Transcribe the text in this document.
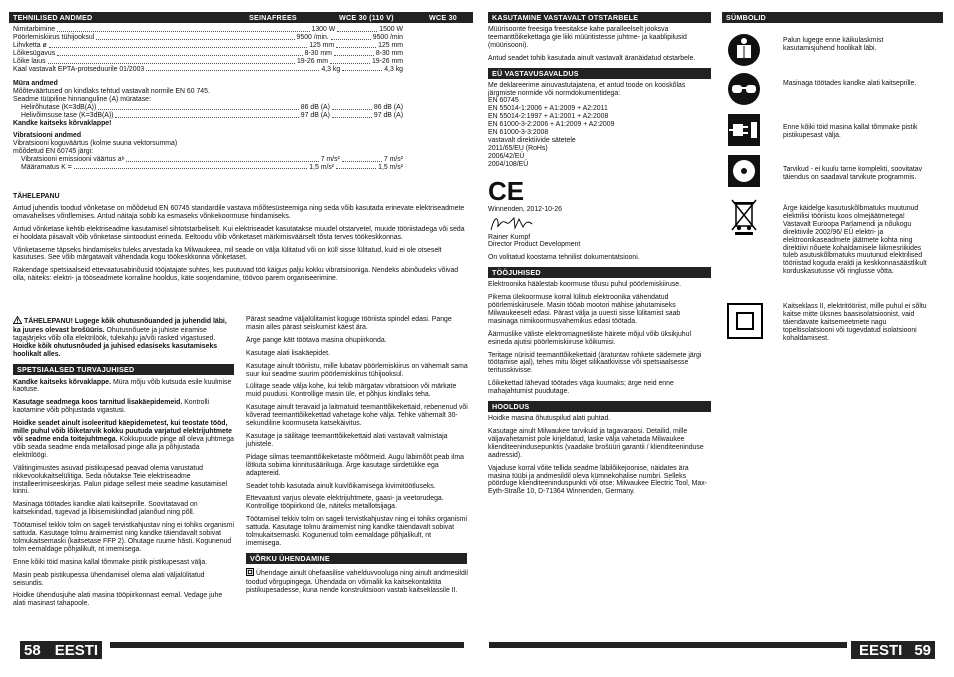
TEHNILISED ANDMED	SEINAFREES	WCE 30 (110 V)	WCE 30
Nimitarbimine	1300 W	1500 W
Pöörlemiskiirus tühijooksul	9500 /min.	9500 /min
Lihvketta ø	125 mm	125 mm
Lõikesügavus	8-30 mm	8-30 mm
Lõike laius	19-26 mm	19-26 mm
Kaal vastavalt EPTA-protseduurile 01/2003	4,3 kg	4,3 kg
Müra andmed
Mõõteväärtused on kindlaks tehtud vastavalt normile EN 60 745.
Seadme tüüpiline hinnanguline (A) müratase:
Helirõhutase (K=3dB(A))	86 dB (A)	86 dB (A)
Helivõimsuse tase (K=3dB(A))	97 dB (A)	97 dB (A)
Kandke kaitseks kõrvaklappe!
Vibratsiooni andmed
Vibratsiooni koguväärtus (kolme suuna vektorsumma)
mõõdetud EN 60745 järgi:
Vibratsiooni emissiooni väärtus a h	7 m/s²	7 m/s²
Määramatus K =	1,5 m/s²	1,5 m/s²
TÄHELEPANU

Antud juhendis toodud võnketase on mõõdetud EN 60745 standardile vastava mõõtesüsteemiga ning seda võib kasutada erinevate elektriseadmete omavahelises võrdlemises. Antud näitaja sobib ka esmaseks võnkekoormuse hindamiseks.

Antud võnketase kehtib elektriseadme kasutamisel sihtotstarbeliselt. Kui elektriseadet kasutatakse muudel otstarvetel, muude tööriistadega või seda ei hooldata piisavalt võib võnketase siintoodust erineda. Eeltoodu võib võnketaset märkimisväärselt tõsta terves töökeskkonnas.

Võnketaseme täpseks hindamiseks tuleks arvestada ka Milwaukeea, mil seade on välja lülitatud või on küll sisse lülitatud, kuid ei ole otseselt kasutuses. See võib märgatavalt vähendada kogu töökeskkonna võnketaset.

Rakendage spetsiaalseid ettevaatusabinõusid tööjatajate suhtes, kes puutuvad töö käigus palju kokku vibratsiooniga. Nendeks abinõudeks võivad olla, näiteks: elektri- ja tööseadmete korraline hooldus, käte soojendamine, töövoo parem organiseerimine.

TÄHELEPANU! Lugege kõik ohutusnõuanded ja juhendid läbi, ka juures olevast brošüüris. Ohutusnõuete ja juhiste eiramise tagajärjeks võib olla elektrilöök, tulekahju ja/või rasked vigastused. Hoidke kõik ohutusnõuded ja juhised edasiseks kasutamiseks hoolikalt alles.

SPETSIAALSED TURVAJUHISED

Kandke kaitseks kõrvaklappe. Müra mõju võib kutsuda esile kuulmise kaotuse.

Kasutage seadmega koos tarnitud lisakäepidemeid. Kontrolli kaotamine võib põhjustada vigastusi.

Hoidke seadet ainult isoleeritud käepidemetest, kui teostate tööd, mille puhul võib lõiketarvik kokku puutuda varjatud elektrijuhtmete või seadme enda toitejuhtmega. Kokkupuude pinge all oleva juhtmega võib seada seadme enda metallosad pinge alla ja põhjustada elektrilöögi.

Välitingimustes asuvad pistikupesad peavad olema varustatud rikkevoolukaitselülitiga. Seda nõutakse Teie elektriseadme installeerimiseeskirjas. Palun pidage sellest meie seadme kasutamisel kinni.

Masinaga töötades kandke alati kaitseprille. Soovitatavad on kaitsekindad, tugevad ja libisemiskindlad jalanõud ning põll.

Töötamisel tekkiv tolm on sageli tervistkahjustav ning ei tohiks organismi sattuda. Kasutage tolmu äraimemist ning kandke täiendavalt sobivat tolmukaitsemaski (kaitsetase FFP 2). Ohutage ruume hästi. Kogunenud tolm eemaldage põhjalikult, nt imemisega.

Enne kõiki töid masina kallal tõmmake pistik pistikupesast välja.

Masin peab pistikupessa ühendamisel olema alati väljalülitatud seisundis.

Hoidke ühendusjuhe alati masina tööpiirkonnast eemal. Vedage juhe alati masinast tahapoole.

Pärast seadme väljalülitamist koguge tööriista spindel edasi. Pange masin alles pärast seiskumist käest ära.

Ärge pange kätt töötava masina ohupiirkonda.

Kasutage alati lisakäepidet.

Kasutage ainult tööriistu, mille lubatav pöörlemiskiirus on vähemalt sama suur kui seadme suurim pöörlemiskiirus tühijooksul.

Lülitage seade välja kohe, kui tekib märgatav vibratsioon või märkate muid puudusi. Kontrollige masin üle, et põhjus kindlaks teha.

Kasutage ainult teravaid ja laitmatuid teemanttõikekettaid, rebenenud või kõverad teemanttõikekettad vahetage kohe välja. Tehke vähemalt 30-sekundiline koormuseta katsekäivitus.

Kasutage ja säilitage teemanttõikekettaid alati vastavalt valmistaja juhistele.

Pidage silmas teemanttõikeketaste mõõtmeid. Augu läbimõõt peab ilma lõtkuta sobima kinnitusäärikuga. Ärge kasutage siirdetükke ega adaptereid.

Seadet tohib kasutada ainult kuivlõikamisega kivimitöötluseks.

Ettevaatust varjus olevate elektrijuhtmete, gaasi- ja veetorudega. Kontrollige tööpiirkond üle, näiteks metallotsijaga.

Töötamisel tekkiv tolm on sageli tervistkahjustav ning ei tohiks organismi sattuda. Kasutage tolmu äraimemist ning kandke täiendavalt sobivat tolmukaitsemaski. Kogunenud tolm eemaldage põhjalikult, nt imemisega.

VÕRKU ÜHENDAMINE

Ühendage ainult ühefaasilise vahelduvvooluga ning ainult andmesildil toodud võrgupingega. Ühendada on võimalik ka kaitsekontaktita pistikupesadesse, kuna nende konstruktsioon vastab kaitseklassile II.

58 EESTI
KASUTAMINE VASTAVALT OTSTARBELE

Müürisoonte freesiga freesitakse kahe paralleelselt jooksva teemanttõikekettaga gie liiki müüritistesse juhtme- ja kaablipilusid (müürisooni).

Antud seadet tohib kasutada ainult vastavalt äranäidatud otstarbele.

EÜ VASTAVUSAVALDUS
Me deklareerime ainuvastutajatena, et antud toode on kooskõlas järgmiste normide või normdokumentidega:
EN 60745
EN 55014-1:2006 + A1:2009 + A2:2011
EN 55014-2:1997 + A1:2001 + A2:2008
EN 61000-3-2:2006 + A1:2009 + A2:2009
EN 61000-3-3:2008
vastavalt direktiivide sätetele
2011/65/EU (RoHs)
2006/42/EÜ
2004/108/EÜ
CE
Winnenden, 2012-10-26
Rainer Kumpf
Director Product Development
On volitatud koostama tehnilist dokumentatsiooni.
TÖÖJUHISED

Elektroonika häälestab koormuse tõusu puhul pöörlemiskiiruse.

Pikema ülekoormuse korral lülitub elektroonika vähendatud pöörlemiskiirusele. Masin tööab mootori mähise jahutamiseks Milwaukeeselt edasi. Pärast välja ja uuesti sisse lülitamist saab masinaga nimikoormusvahemikus edasi töötada.

Äärmuslike väliste elektromagnetiliste häirete mõjul võib üksikjuhul esineda ajutisi pöörlemiskiiruse kõikumisi.

Teritage nürisid teemanttõikekettaid (äratuntav rohkete sädemete järgi töötamise ajal), tehes mitu lõiget silikaatkivisse või spetsiaalsesse teritusskivisse.

Lõikekettad lähevad töötades väga kuumaks; ärge neid enne mahajahtumist puudutage.

HOOLDUS

Hoidke masina õhutuspilud alati puhtad.

Kasutage ainult Milwaukee tarvikuid ja tagavaraosi. Detailid, mille väljavahetamist pole kirjeldatud, laske välja vahetada Milwaukee klienditeenindusepunktis (vaadake brošüüri garantii / klienditeeninduse aadressid).

Vajaduse korral võite tellida seadme läbilõikejoonise, näidates ära masina tüübi ja andmesildil oleva kümnekohalise numbri. Selleks pöörduge klienditeeninduspunkti või otse: Milwaukee Electric Tool, Max-Eyth-Straße 10, D-71364 Winnenden, Germany.

SÜMBOLID
Palun lugege enne käikulaskmist kasutamisjuhend hoolikalt läbi.
Masinaga töötades kandke alati kaitseprille.
Enne kõiki töid masina kallal tõmmake pistik pistikupesast välja.
Tarvikud - ei kuulu tarne komplekti, soovitatav täiendus on saadaval tarvikute programmis.
Ärge käidelge kasutuskõlbmatuks muutunud elektrilisi tööriistu koos olmejäätmetega! Vastavalt Euroopa Parlamendi ja nõukogu direktiivile 2002/96/ EÜ elektri- ja elektroonikaseadmete jäätmete kohta ning direktiivi nõuete kohaldamisele liikmesriikides tuleb asutuskõlbmatuks muutunud elektrilised tööriistad koguda eraldi ja keskkonnasäästlikult korduskasutusse või ringlusse võtta.
Kaitseklass II, elektritööriist, mille puhul ei sõltu kaitse mitte üksnes baasisolatsioonist, vaid täiendavate kaitsemeetmete nagu topeltisolatsiooni või tugevdatud isolatsiooni kohaldamisest.
EESTI 59
